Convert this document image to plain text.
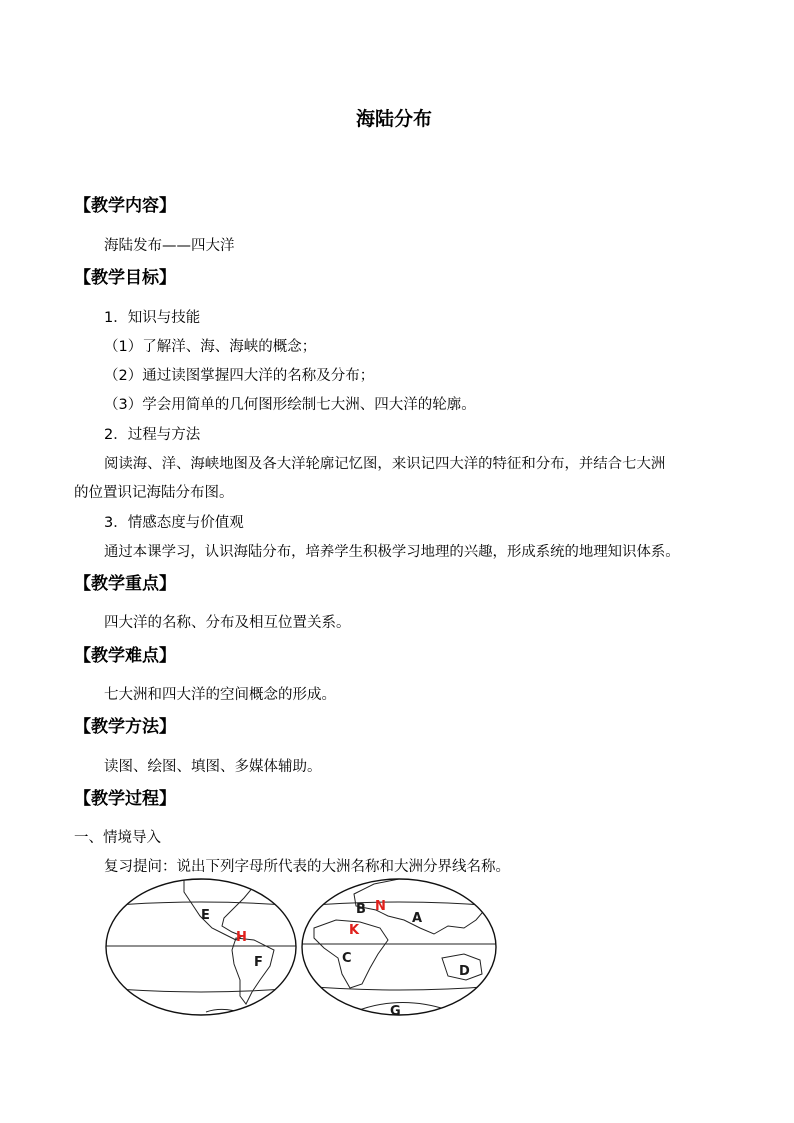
海陆分布
【教学内容】
海陆发布——四大洋
【教学目标】
1．知识与技能
（1）了解洋、海、海峡的概念；
（2）通过读图掌握四大洋的名称及分布；
（3）学会用简单的几何图形绘制七大洲、四大洋的轮廓。
2．过程与方法
阅读海、洋、海峡地图及各大洋轮廓记忆图，来识记四大洋的特征和分布，并结合七大洲
的位置识记海陆分布图。
3．情感态度与价值观
通过本课学习，认识海陆分布，培养学生积极学习地理的兴趣，形成系统的地理知识体系。
【教学重点】
四大洋的名称、分布及相互位置关系。
【教学难点】
七大洲和四大洋的空间概念的形成。
【教学方法】
读图、绘图、填图、多媒体辅助。
【教学过程】
一、情境导入
复习提问：说出下列字母所代表的大洲名称和大洲分界线名称。
E
H
F
B N
A
K
C
D
G
